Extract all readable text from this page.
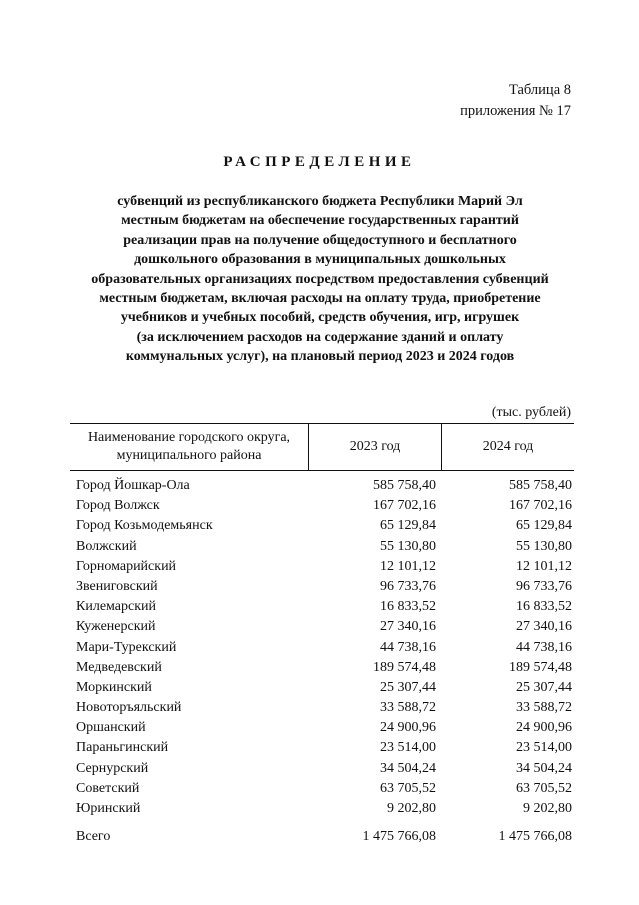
Таблица 8
приложения № 17
РАСПРЕДЕЛЕНИЕ
субвенций из республиканского бюджета Республики Марий Эл
местным бюджетам на обеспечение государственных гарантий
реализации прав на получение общедоступного и бесплатного
дошкольного образования в муниципальных дошкольных
образовательных организациях посредством предоставления субвенций
местным бюджетам, включая расходы на оплату труда, приобретение
учебников и учебных пособий, средств обучения, игр, игрушек
(за исключением расходов на содержание зданий и оплату
коммунальных услуг), на плановый период 2023 и 2024 годов
(тыс. рублей)
Наименование городского округа,
муниципального района
2023 год	2024 год
Город Йошкар-Ола	585 758,40	585 758,40
Город Волжск	167 702,16	167 702,16
Город Козьмодемьянск	65 129,84	65 129,84
Волжский	55 130,80	55 130,80
Горномарийский	12 101,12	12 101,12
Звениговский	96 733,76	96 733,76
Килемарский	16 833,52	16 833,52
Куженерский	27 340,16	27 340,16
Мари-Турекский	44 738,16	44 738,16
Медведевский	189 574,48	189 574,48
Моркинский	25 307,44	25 307,44
Новоторъяльский	33 588,72	33 588,72
Оршанский	24 900,96	24 900,96
Параньгинский	23 514,00	23 514,00
Сернурский	34 504,24	34 504,24
Советский	63 705,52	63 705,52
Юринский	9 202,80	9 202,80
Всего	1 475 766,08	1 475 766,08
